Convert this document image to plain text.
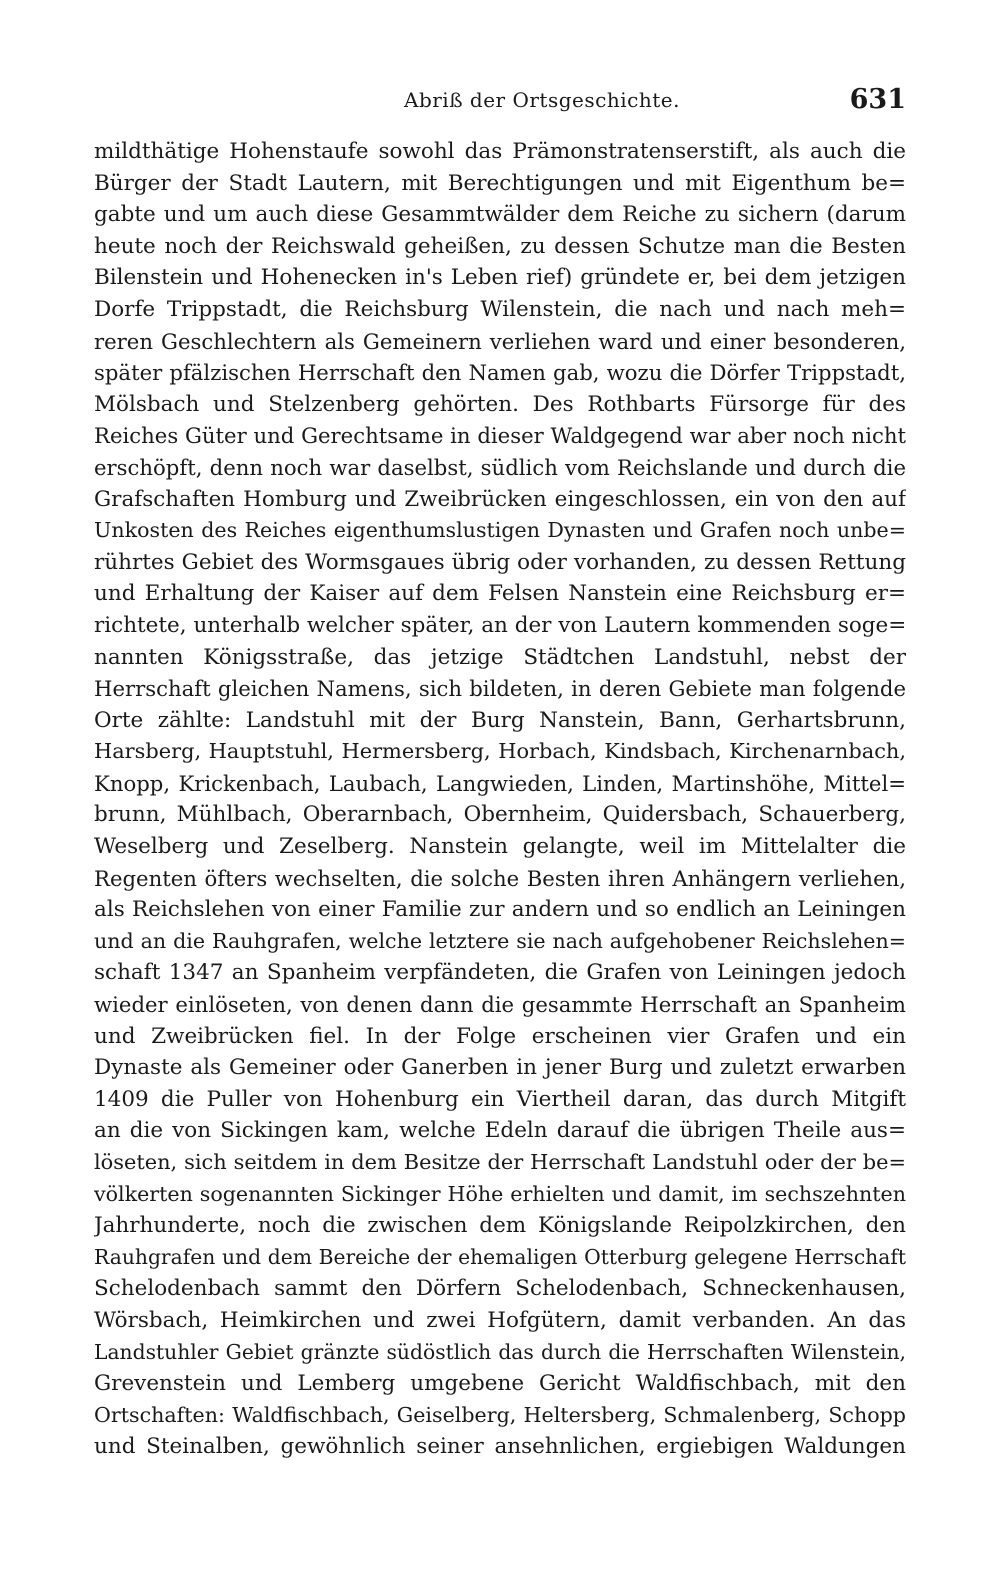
Abriß der Ortsgeschichte.	631
mildthätige Hohenstaufe sowohl das Prämonstratenserstift, als auch die
Bürger der Stadt Lautern, mit Berechtigungen und mit Eigenthum be=
gabte und um auch diese Gesammtwälder dem Reiche zu sichern (darum
heute noch der Reichswald geheißen, zu dessen Schutze man die Besten
Bilenstein und Hohenecken in's Leben rief) gründete er, bei dem jetzigen
Dorfe Trippstadt, die Reichsburg Wilenstein, die nach und nach meh=
reren Geschlechtern als Gemeinern verliehen ward und einer besonderen,
später pfälzischen Herrschaft den Namen gab, wozu die Dörfer Trippstadt,
Mölsbach und Stelzenberg gehörten. Des Rothbarts Fürsorge für des
Reiches Güter und Gerechtsame in dieser Waldgegend war aber noch nicht
erschöpft, denn noch war daselbst, südlich vom Reichslande und durch die
Grafschaften Homburg und Zweibrücken eingeschlossen, ein von den auf
Unkosten des Reiches eigenthumslustigen Dynasten und Grafen noch unbe=
rührtes Gebiet des Wormsgaues übrig oder vorhanden, zu dessen Rettung
und Erhaltung der Kaiser auf dem Felsen Nanstein eine Reichsburg er=
richtete, unterhalb welcher später, an der von Lautern kommenden soge=
nannten Königsstraße, das jetzige Städtchen Landstuhl, nebst der
Herrschaft gleichen Namens, sich bildeten, in deren Gebiete man folgende
Orte zählte: Landstuhl mit der Burg Nanstein, Bann, Gerhartsbrunn,
Harsberg, Hauptstuhl, Hermersberg, Horbach, Kindsbach, Kirchenarnbach,
Knopp, Krickenbach, Laubach, Langwieden, Linden, Martinshöhe, Mittel=
brunn, Mühlbach, Oberarnbach, Obernheim, Quidersbach, Schauerberg,
Weselberg und Zeselberg. Nanstein gelangte, weil im Mittelalter die
Regenten öfters wechselten, die solche Besten ihren Anhängern verliehen,
als Reichslehen von einer Familie zur andern und so endlich an Leiningen
und an die Rauhgrafen, welche letztere sie nach aufgehobener Reichslehen=
schaft 1347 an Spanheim verpfändeten, die Grafen von Leiningen jedoch
wieder einlöseten, von denen dann die gesammte Herrschaft an Spanheim
und Zweibrücken fiel. In der Folge erscheinen vier Grafen und ein
Dynaste als Gemeiner oder Ganerben in jener Burg und zuletzt erwarben
1409 die Puller von Hohenburg ein Viertheil daran, das durch Mitgift
an die von Sickingen kam, welche Edeln darauf die übrigen Theile aus=
löseten, sich seitdem in dem Besitze der Herrschaft Landstuhl oder der be=
völkerten sogenannten Sickinger Höhe erhielten und damit, im sechszehnten
Jahrhunderte, noch die zwischen dem Königslande Reipolzkirchen, den
Rauhgrafen und dem Bereiche der ehemaligen Otterburg gelegene Herrschaft
Schelodenbach sammt den Dörfern Schelodenbach, Schneckenhausen,
Wörsbach, Heimkirchen und zwei Hofgütern, damit verbanden. An das
Landstuhler Gebiet gränzte südöstlich das durch die Herrschaften Wilenstein,
Grevenstein und Lemberg umgebene Gericht Waldfischbach, mit den
Ortschaften: Waldfischbach, Geiselberg, Heltersberg, Schmalenberg, Schopp
und Steinalben, gewöhnlich seiner ansehnlichen, ergiebigen Waldungen
